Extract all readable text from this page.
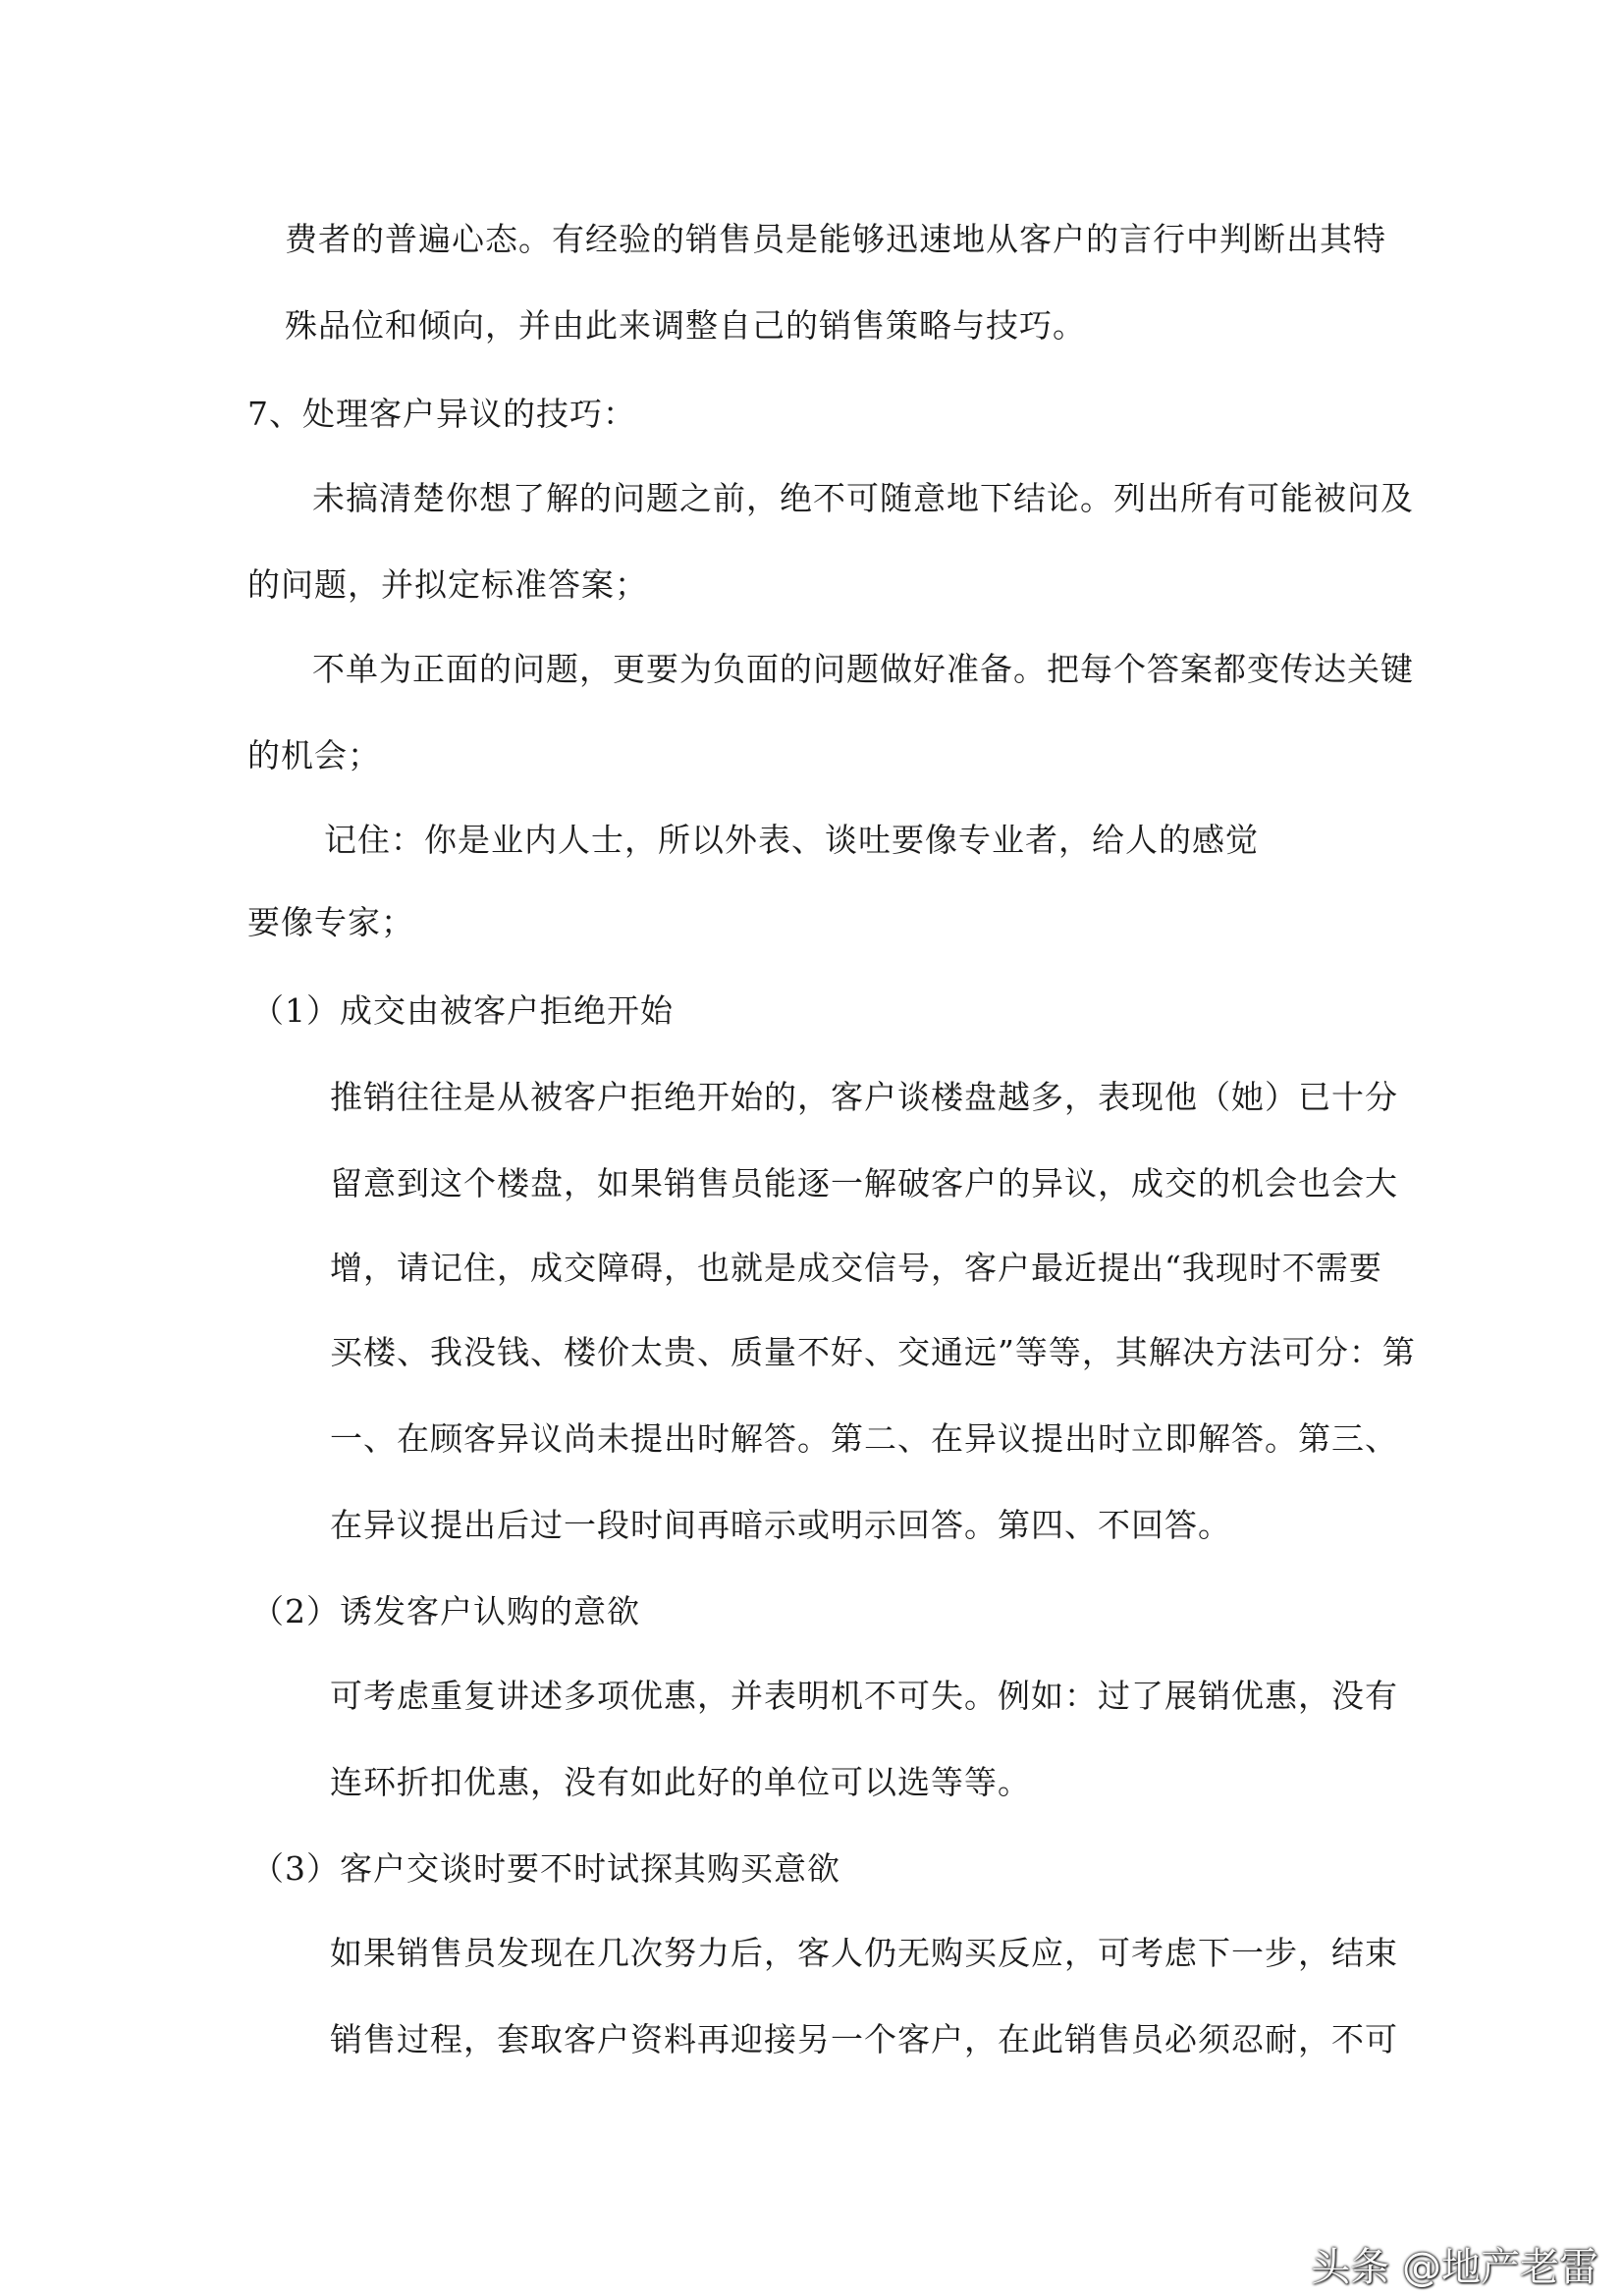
费者的普遍心态。有经验的销售员是能够迅速地从客户的言行中判断出其特
殊品位和倾向，并由此来调整自己的销售策略与技巧。
7、处理客户异议的技巧：
未搞清楚你想了解的问题之前，绝不可随意地下结论。列出所有可能被问及
的问题，并拟定标准答案；
不单为正面的问题，更要为负面的问题做好准备。把每个答案都变传达关键
的机会；
记住：你是业内人士，所以外表、谈吐要像专业者，给人的感觉
要像专家；
（1）成交由被客户拒绝开始
推销往往是从被客户拒绝开始的，客户谈楼盘越多，表现他（她）已十分
留意到这个楼盘，如果销售员能逐一解破客户的异议，成交的机会也会大
增，请记住，成交障碍，也就是成交信号，客户最近提出“我现时不需要
买楼、我没钱、楼价太贵、质量不好、交通远”等等，其解决方法可分：第
一、在顾客异议尚未提出时解答。第二、在异议提出时立即解答。第三、
在异议提出后过一段时间再暗示或明示回答。第四、不回答。
（2）诱发客户认购的意欲
可考虑重复讲述多项优惠，并表明机不可失。例如：过了展销优惠，没有
连环折扣优惠，没有如此好的单位可以选等等。
（3）客户交谈时要不时试探其购买意欲
如果销售员发现在几次努力后，客人仍无购买反应，可考虑下一步，结束
销售过程，套取客户资料再迎接另一个客户，在此销售员必须忍耐，不可
头条 @地产老雷
